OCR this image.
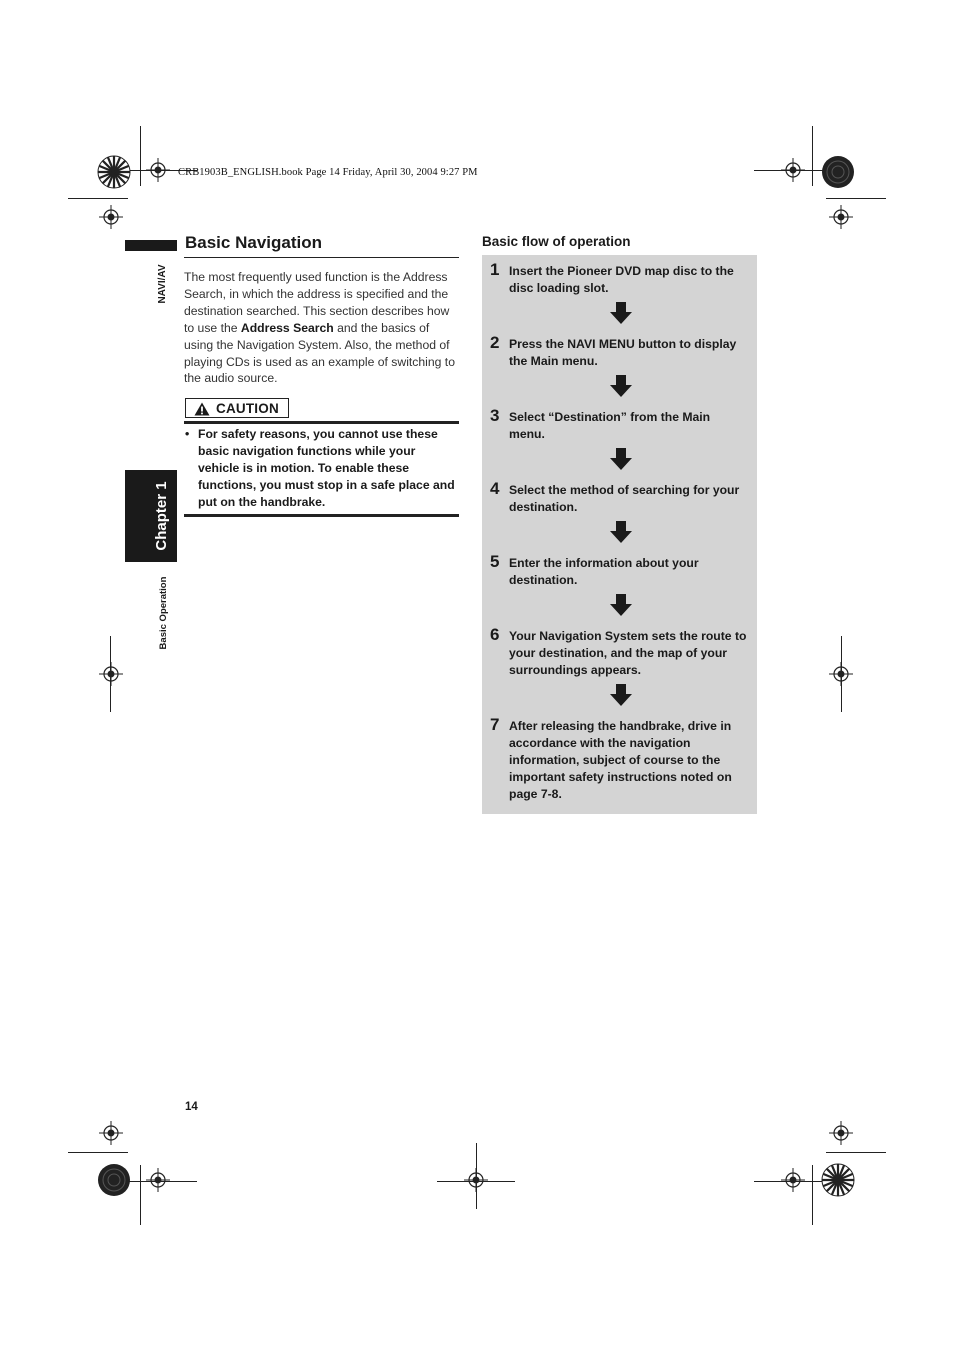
CRB1903B_ENGLISH.book Page 14 Friday, April 30, 2004 9:27 PM
NAVI/AV
Chapter 1
Basic Operation
Basic Navigation
The most frequently used function is the Address Search, in which the address is specified and the destination searched. This section describes how to use the Address Search and the basics of using the Navigation System. Also, the method of playing CDs is used as an example of switching to the audio source.
CAUTION
• For safety reasons, you cannot use these basic navigation functions while your vehicle is in motion. To enable these functions, you must stop in a safe place and put on the handbrake.
14
Basic flow of operation
1 Insert the Pioneer DVD map disc to the disc loading slot.
2 Press the NAVI MENU button to display the Main menu.
3 Select “Destination” from the Main menu.
4 Select the method of searching for your destination.
5 Enter the information about your destination.
6 Your Navigation System sets the route to your destination, and the map of your surroundings appears.
7 After releasing the handbrake, drive in accordance with the navigation information, subject of course to the important safety instructions noted on page 7-8.
